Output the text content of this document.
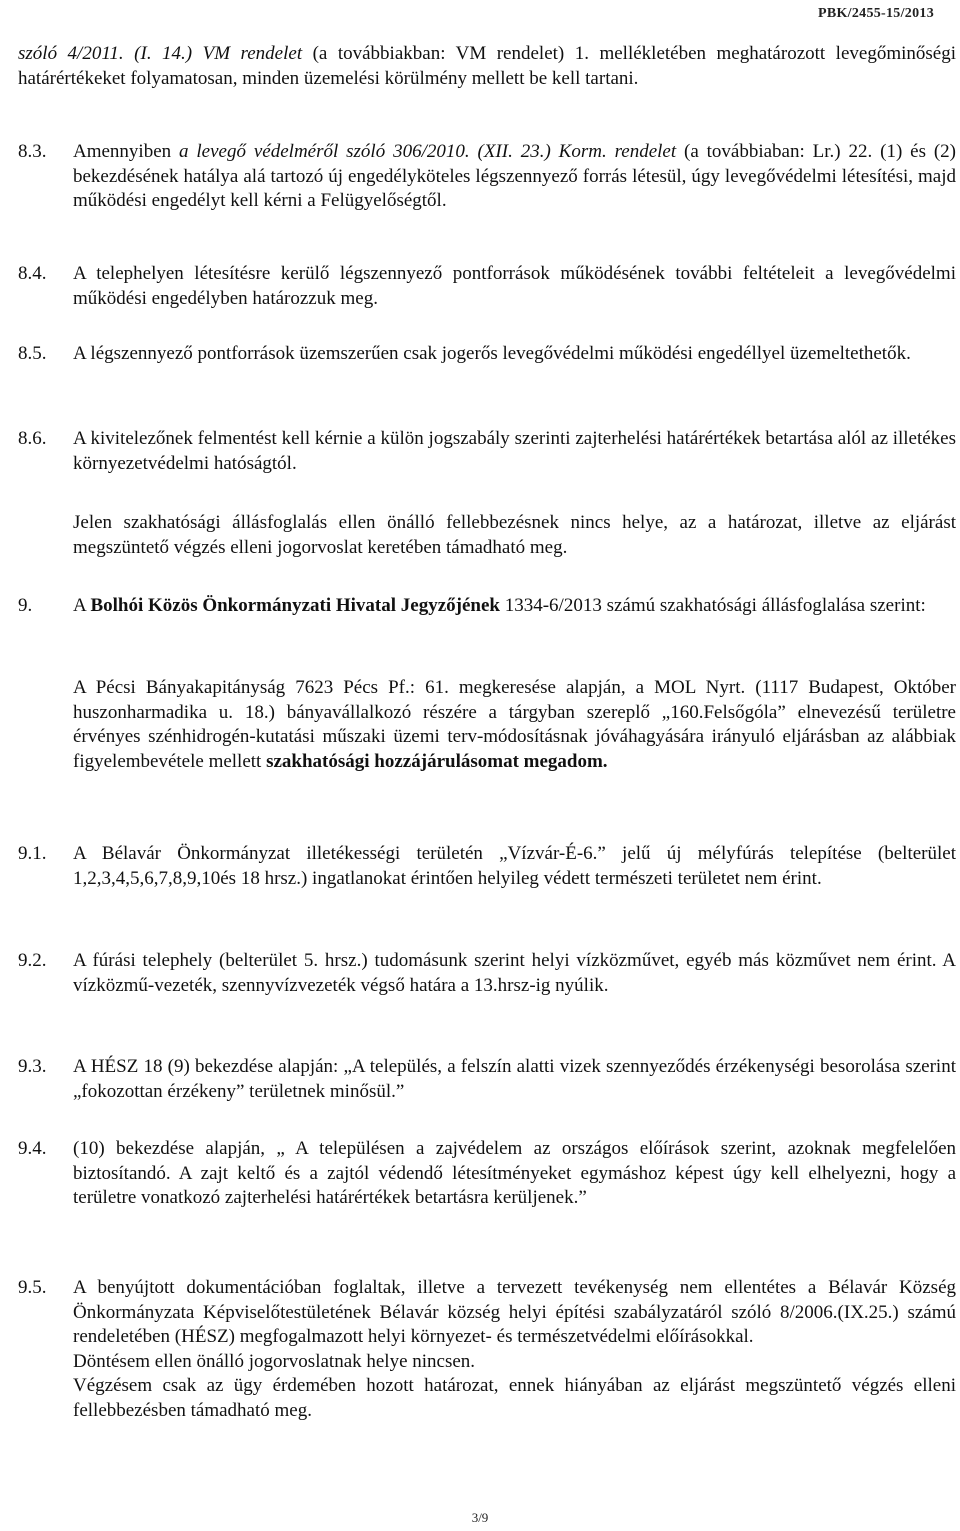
PBK/2455-15/2013

szóló 4/2011. (I. 14.) VM rendelet (a továbbiakban: VM rendelet) 1. mellékletében meghatározott levegőminőségi határértékeket folyamatosan, minden üzemelési körülmény mellett be kell tartani.

8.3. Amennyiben a levegő védelméről szóló 306/2010. (XII. 23.) Korm. rendelet (a továbbiaban: Lr.) 22. (1) és (2) bekezdésének hatálya alá tartozó új engedélyköteles légszennyező forrás létesül, úgy levegővédelmi létesítési, majd működési engedélyt kell kérni a Felügyelőségtől.

8.4. A telephelyen létesítésre kerülő légszennyező pontforrások működésének további feltételeit a levegővédelmi működési engedélyben határozzuk meg.

8.5. A légszennyező pontforrások üzemszerűen csak jogerős levegővédelmi működési engedéllyel üzemeltethetők.

8.6. A kivitelezőnek felmentést kell kérnie a külön jogszabály szerinti zajterhelési határértékek betartása alól az illetékes környezetvédelmi hatóságtól.

Jelen szakhatósági állásfoglalás ellen önálló fellebbezésnek nincs helye, az a határozat, illetve az eljárást megszüntető végzés elleni jogorvoslat keretében támadható meg.

9. A Bolhói Közös Önkormányzati Hivatal Jegyzőjének 1334-6/2013 számú szakhatósági állásfoglalása szerint:

A Pécsi Bányakapitányság 7623 Pécs Pf.: 61. megkeresése alapján, a MOL Nyrt. (1117 Budapest, Október huszonharmadika u. 18.) bányavállalkozó részére a tárgyban szereplő „160.Felsőgóla” elnevezésű területre érvényes szénhidrogén-kutatási műszaki üzemi terv-módosításnak jóváhagyására irányuló eljárásban az alábbiak figyelembevétele mellett szakhatósági hozzájárulásomat megadom.

9.1. A Bélavár Önkormányzat illetékességi területén „Vízvár-É-6.” jelű új mélyfúrás telepítése (belterület 1,2,3,4,5,6,7,8,9,10és 18 hrsz.) ingatlanokat érintően helyileg védett természeti területet nem érint.

9.2. A fúrási telephely (belterület 5. hrsz.) tudomásunk szerint helyi vízközművet, egyéb más közművet nem érint. A vízközmű-vezeték, szennyvízvezeték végső határa a 13.hrsz-ig nyúlik.

9.3. A HÉSZ 18 (9) bekezdése alapján: „A település, a felszín alatti vizek szennyeződés érzékenységi besorolása szerint „fokozottan érzékeny” területnek minősül.”

9.4. (10) bekezdése alapján, „ A településen a zajvédelem az országos előírások szerint, azoknak megfelelően biztosítandó. A zajt keltő és a zajtól védendő létesítményeket egymáshoz képest úgy kell elhelyezni, hogy a területre vonatkozó zajterhelési határértékek betartásra kerüljenek.”

9.5. A benyújtott dokumentációban foglaltak, illetve a tervezett tevékenység nem ellentétes a Bélavár Község Önkormányzata Képviselőtestületének Bélavár község helyi építési szabályzatáról szóló 8/2006.(IX.25.) számú rendeletében (HÉSZ) megfogalmazott helyi környezet- és természetvédelmi előírásokkal.

Döntésem ellen önálló jogorvoslatnak helye nincsen.

Végzésem csak az ügy érdemében hozott határozat, ennek hiányában az eljárást megszüntető végzés elleni fellebbezésben támadható meg.

3/9
